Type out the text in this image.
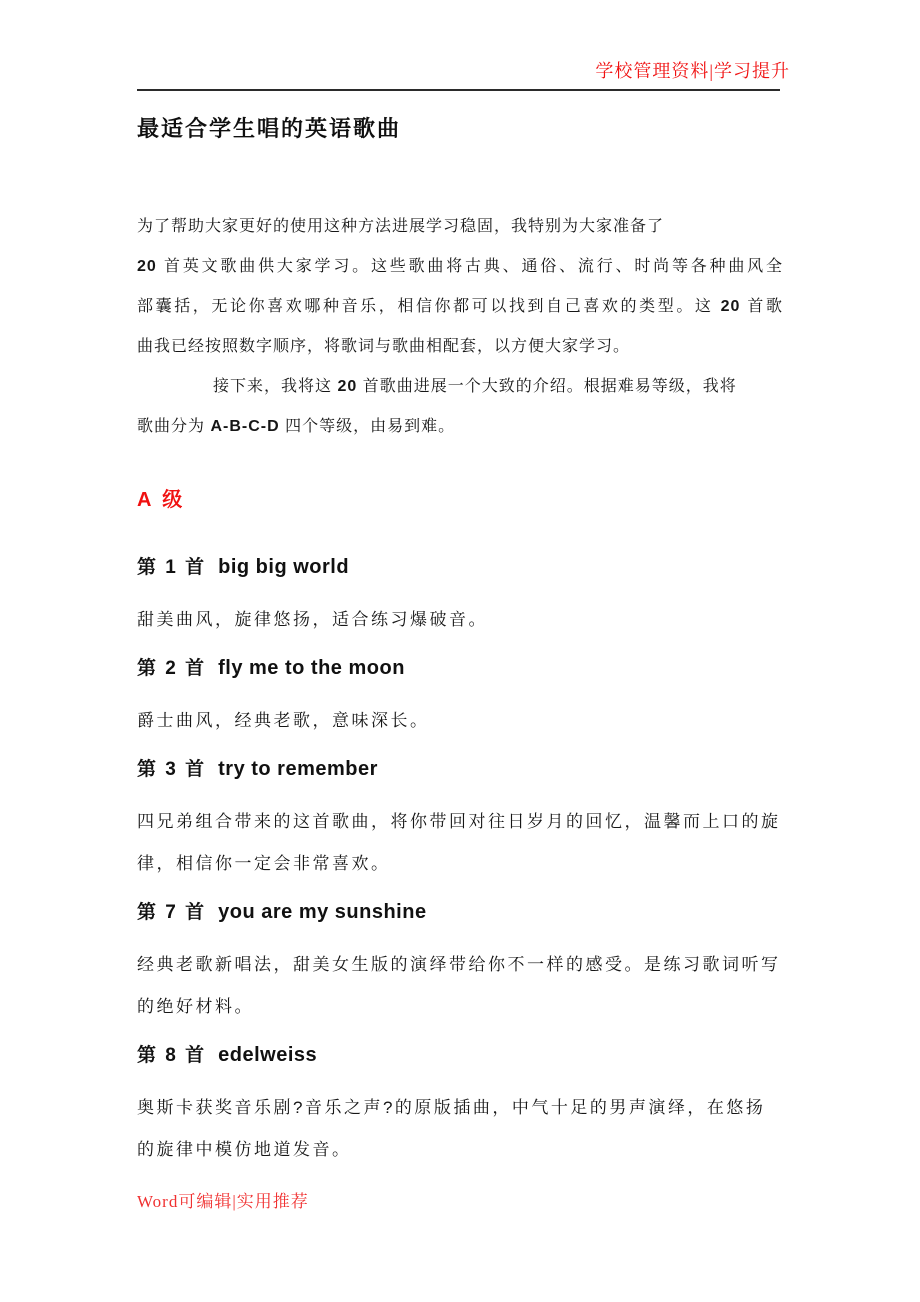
学校管理资料|学习提升
最适合学生唱的英语歌曲
为了帮助大家更好的使用这种方法进展学习稳固，我特别为大家准备了
20 首英文歌曲供大家学习。这些歌曲将古典、通俗、流行、时尚等各种曲风全
部囊括，无论你喜欢哪种音乐，相信你都可以找到自己喜欢的类型。这 20 首歌
曲我已经按照数字顺序，将歌词与歌曲相配套，以方便大家学习。
接下来，我将这 20 首歌曲进展一个大致的介绍。根据难易等级，我将
歌曲分为 A-B-C-D 四个等级，由易到难。
A 级
第 1 首 big big world
甜美曲风，旋律悠扬，适合练习爆破音。
第 2 首 fly me to the moon
爵士曲风，经典老歌，意味深长。
第 3 首 try to remember
四兄弟组合带来的这首歌曲，将你带回对往日岁月的回忆，温馨而上口的旋
律，相信你一定会非常喜欢。
第 7 首 you are my sunshine
经典老歌新唱法，甜美女生版的演绎带给你不一样的感受。是练习歌词听写
的绝好材料。
第 8 首 edelweiss
奥斯卡获奖音乐剧?音乐之声?的原版插曲，中气十足的男声演绎，在悠扬
的旋律中模仿地道发音。
Word可编辑|实用推荐
